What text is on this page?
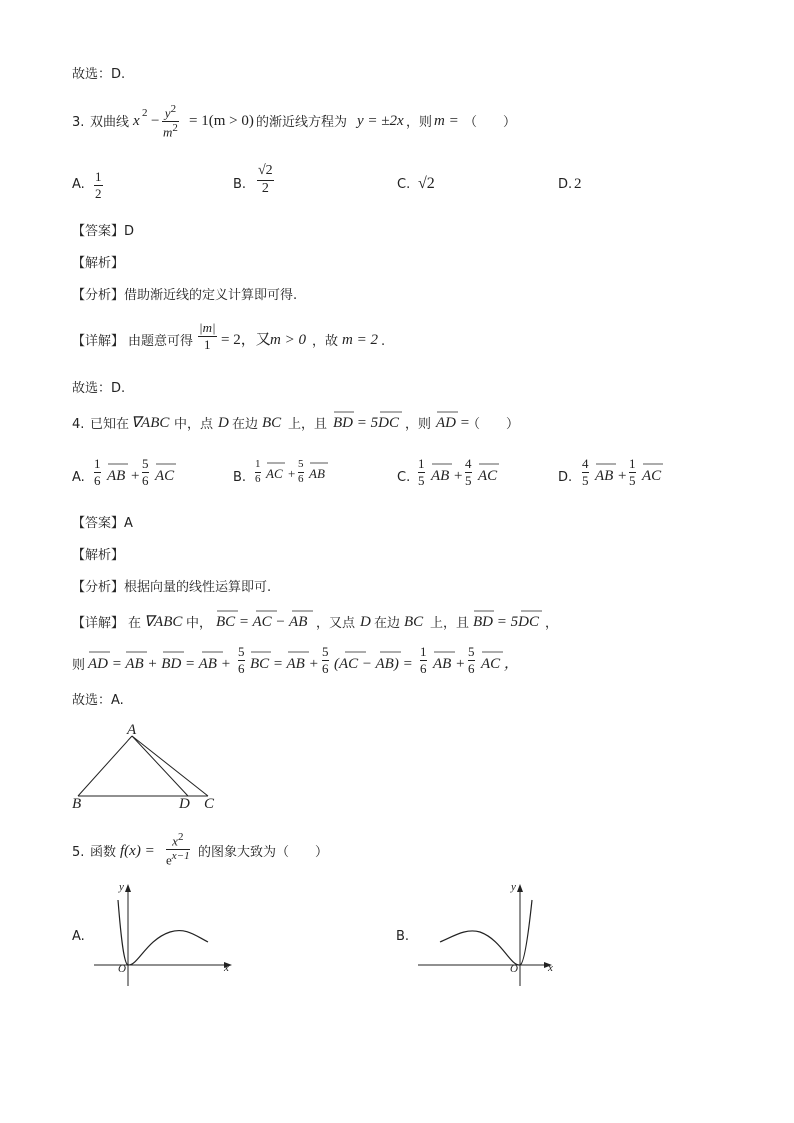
故选：D.
3. 双曲线 x 2 −
$y^2$
$m^2 = 1(m > 0)$ 的渐近线方程为 y = ±2x ，则 m = （　　）
A.
1
2
B.
√2
2	C. √2	D. 2
【答案】D
【解析】
【分析】借助渐近线的定义计算即可得.
【详解】 由题意可得
|m|
1 = 2，又 m > 0 ，故 m = 2 .
故选：D.
4. 已知在 ∇ABC 中，点 D 在边 BC 上，且 BD = 5DC ，则 AD =
（　　）
A.
1
6 AB +
5
6 AC	B.
1
6 AC +
5
6 AB	C.
1
5 AB +
4
5 AC	D.
4
5 AB +
1
5 AC
【答案】A
【解析】
【分析】根据向量的线性运算即可.
【详解】 在 ∇ABC 中， BC = AC − AB ，又点 D 在边 BC 上，且 BD = 5DC ，
则 AD = AB + BD = AB +
5
6 BC = AB +
5
6 (AC − AB) =
1
6 AB +
5
6 AC ，
故选：A.
A
B	D C
5. 函数 f(x) =
$x^2$
$e^{x-1}$ 的图象大致为（　　）
A.
y
x
O
B.
y
x
O
